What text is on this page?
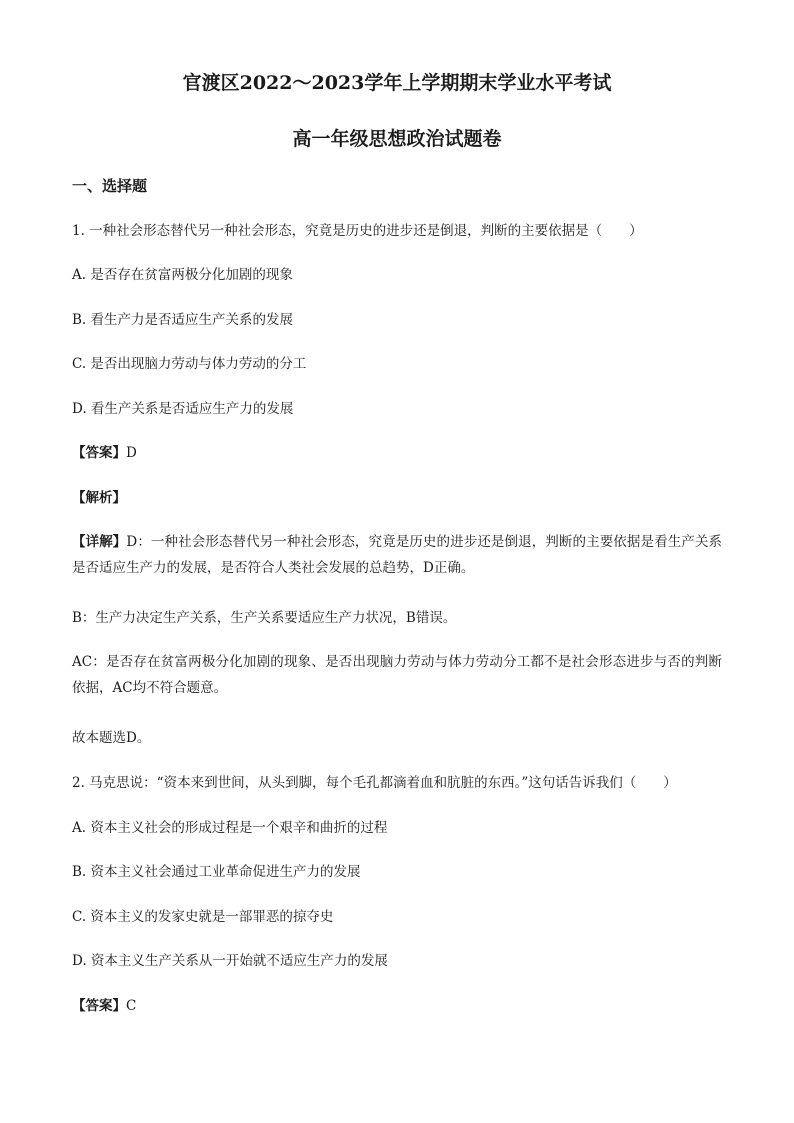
官渡区2022～2023学年上学期期末学业水平考试
高一年级思想政治试题卷
一、选择题
1. 一种社会形态替代另一种社会形态，究竟是历史的进步还是倒退，判断的主要依据是（　　）
A. 是否存在贫富两极分化加剧的现象
B. 看生产力是否适应生产关系的发展
C. 是否出现脑力劳动与体力劳动的分工
D. 看生产关系是否适应生产力的发展
【答案】D
【解析】
【详解】D：一种社会形态替代另一种社会形态，究竟是历史的进步还是倒退，判断的主要依据是看生产关系是否适应生产力的发展，是否符合人类社会发展的总趋势，D正确。
B：生产力决定生产关系，生产关系要适应生产力状况，B错误。
AC：是否存在贫富两极分化加剧的现象、是否出现脑力劳动与体力劳动分工都不是社会形态进步与否的判断依据，AC均不符合题意。
故本题选D。
2. 马克思说：“资本来到世间，从头到脚，每个毛孔都滴着血和肮脏的东西。”这句话告诉我们（　　）
A. 资本主义社会的形成过程是一个艰辛和曲折的过程
B. 资本主义社会通过工业革命促进生产力的发展
C. 资本主义的发家史就是一部罪恶的掠夺史
D. 资本主义生产关系从一开始就不适应生产力的发展
【答案】C
